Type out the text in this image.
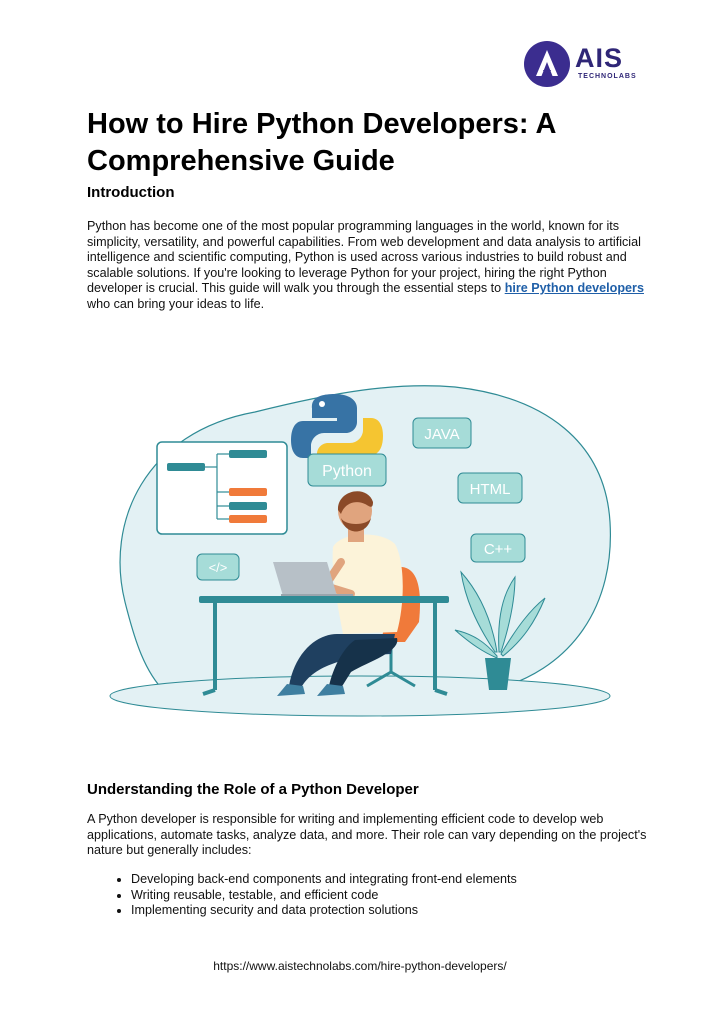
AIS
TECHNOLABS
How to Hire Python Developers: A Comprehensive Guide

Introduction

Python has become one of the most popular programming languages in the world, known for its simplicity, versatility, and powerful capabilities. From web development and data analysis to artificial intelligence and scientific computing, Python is used across various industries to build robust and scalable solutions. If you're looking to leverage Python for your project, hiring the right Python developer is crucial. This guide will walk you through the essential steps to hire Python developers who can bring your ideas to life.

Python
JAVA
HTML
C++
</>

Understanding the Role of a Python Developer

A Python developer is responsible for writing and implementing efficient code to develop web applications, automate tasks, analyze data, and more. Their role can vary depending on the project's nature but generally includes:

• Developing back-end components and integrating front-end elements
• Writing reusable, testable, and efficient code
• Implementing security and data protection solutions
https://www.aistechnolabs.com/hire-python-developers/
